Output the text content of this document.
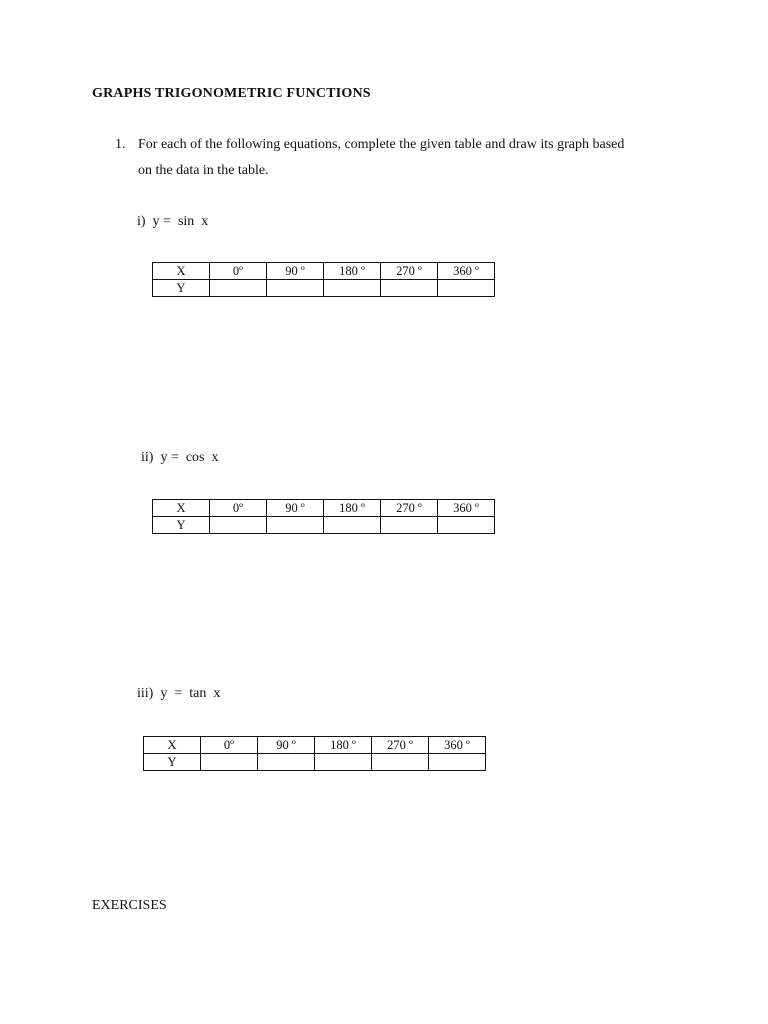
GRAPHS TRIGONOMETRIC FUNCTIONS
1. For each of the following equations, complete the given table and draw its graph based
on the data in the table.
i)  y =  sin  x
X	0º	90 º	180 º	270 º	360 º
Y					
ii)  y =  cos  x
X	0º	90 º	180 º	270 º	360 º
Y					
iii)  y  =  tan  x
X	0º	90 º	180 º	270 º	360 º
Y					
EXERCISES
